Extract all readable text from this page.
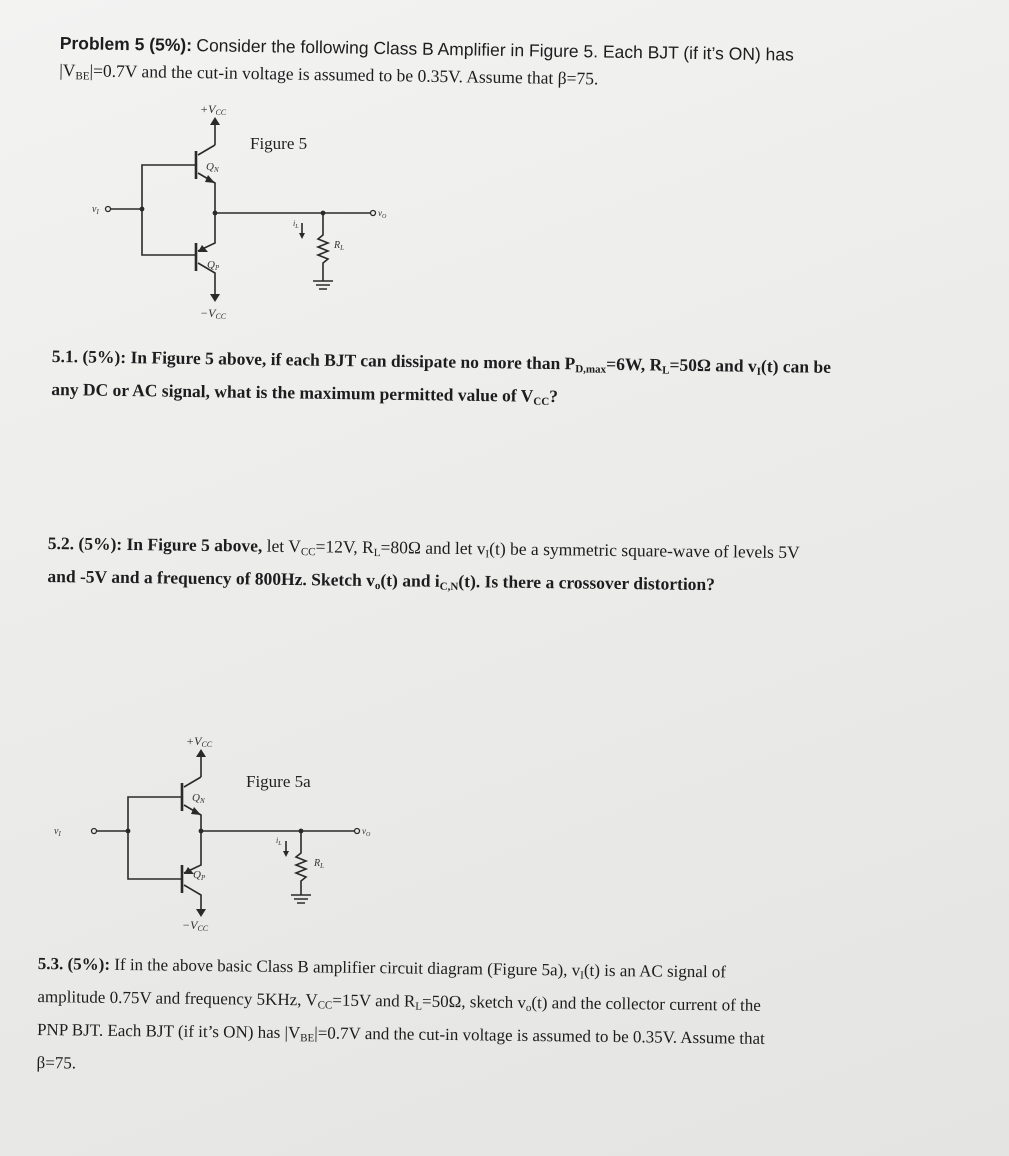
Problem 5 (5%): Consider the following Class B Amplifier in Figure 5. Each BJT (if it’s ON) has

$|V_{BE}|=0.7V$ and the cut-in voltage is assumed to be 0.35V. Assume that β=75.

Figure 5
+VCC
QN
$v_I$	$v_O$
$R_L$
$i_L$
QP
−VCC

5.1. (5%): In Figure 5 above, if each BJT can dissipate no more than $P_{D,max}=6W$, $R_L=50\Omega$ and $v_I(t)$ can be

any DC or AC signal, what is the maximum permitted value of $V_{CC}$?

5.2. (5%): In Figure 5 above, let $V_{CC}=12V$, $R_L=80\Omega$ and let $v_I(t)$ be a symmetric square-wave of levels 5V

and -5V and a frequency of 800Hz. Sketch $v_o(t)$ and $i_{C,N}(t)$. Is there a crossover distortion?

Figure 5a
+VCC
QN
$v_I$	$v_O$
$R_L$
$i_L$
QP
−VCC

5.3. (5%): If in the above basic Class B amplifier circuit diagram (Figure 5a), $v_I(t)$ is an AC signal of

amplitude 0.75V and frequency 5KHz, $V_{CC}=15V$ and $R_L=50\Omega$, sketch $v_o(t)$ and the collector current of the

PNP BJT. Each BJT (if it’s ON) has $|V_{BE}|=0.7V$ and the cut-in voltage is assumed to be 0.35V. Assume that

β=75.
